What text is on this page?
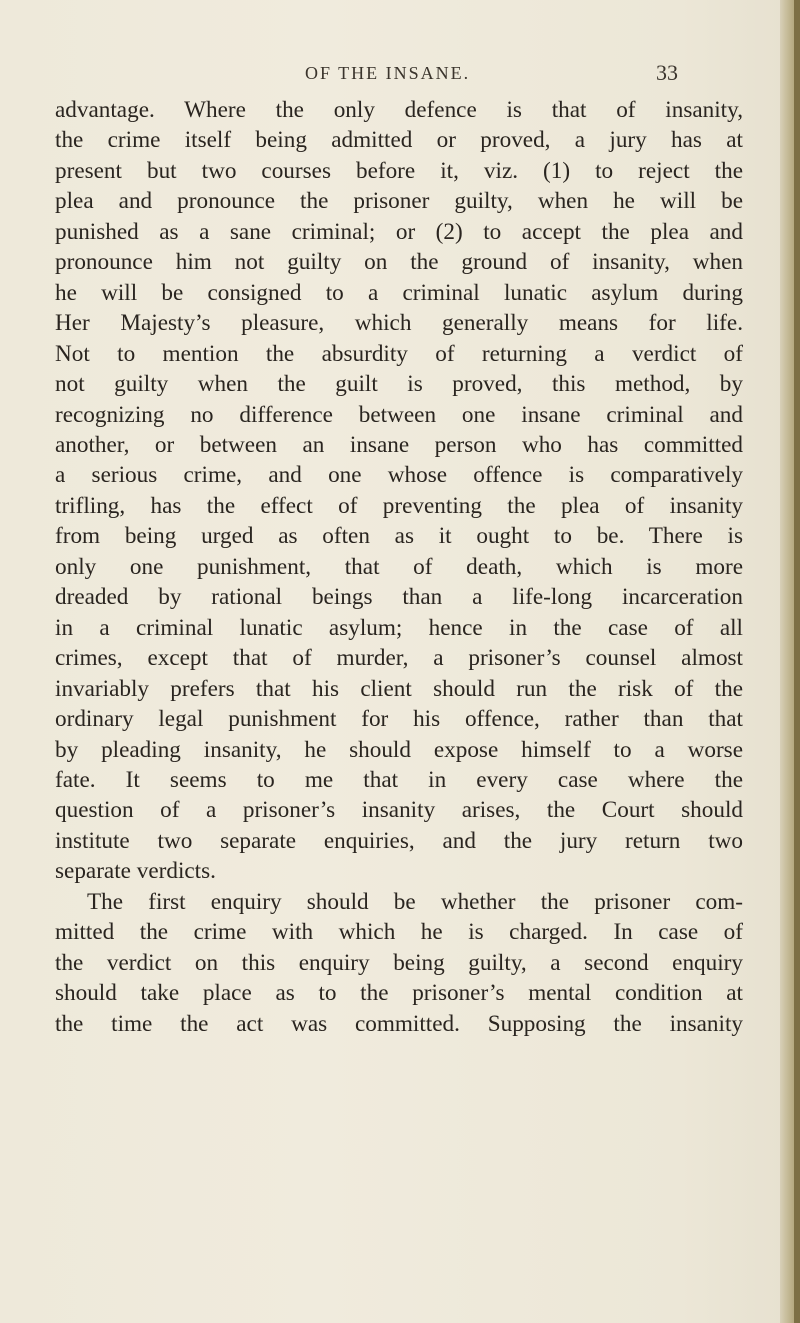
OF THE INSANE.	33
advantage. Where the only defence is that of insanity,
the crime itself being admitted or proved, a jury has at
present but two courses before it, viz. (1) to reject the
plea and pronounce the prisoner guilty, when he will be
punished as a sane criminal; or (2) to accept the plea and
pronounce him not guilty on the ground of insanity, when
he will be consigned to a criminal lunatic asylum during
Her Majesty’s pleasure, which generally means for life.
Not to mention the absurdity of returning a verdict of
not guilty when the guilt is proved, this method, by
recognizing no difference between one insane criminal and
another, or between an insane person who has committed
a serious crime, and one whose offence is comparatively
trifling, has the effect of preventing the plea of insanity
from being urged as often as it ought to be. There is
only one punishment, that of death, which is more
dreaded by rational beings than a life-long incarceration
in a criminal lunatic asylum; hence in the case of all
crimes, except that of murder, a prisoner’s counsel almost
invariably prefers that his client should run the risk of the
ordinary legal punishment for his offence, rather than that
by pleading insanity, he should expose himself to a worse
fate. It seems to me that in every case where the
question of a prisoner’s insanity arises, the Court should
institute two separate enquiries, and the jury return two
separate verdicts.
The first enquiry should be whether the prisoner com-
mitted the crime with which he is charged. In case of
the verdict on this enquiry being guilty, a second enquiry
should take place as to the prisoner’s mental condition at
the time the act was committed. Supposing the insanity
